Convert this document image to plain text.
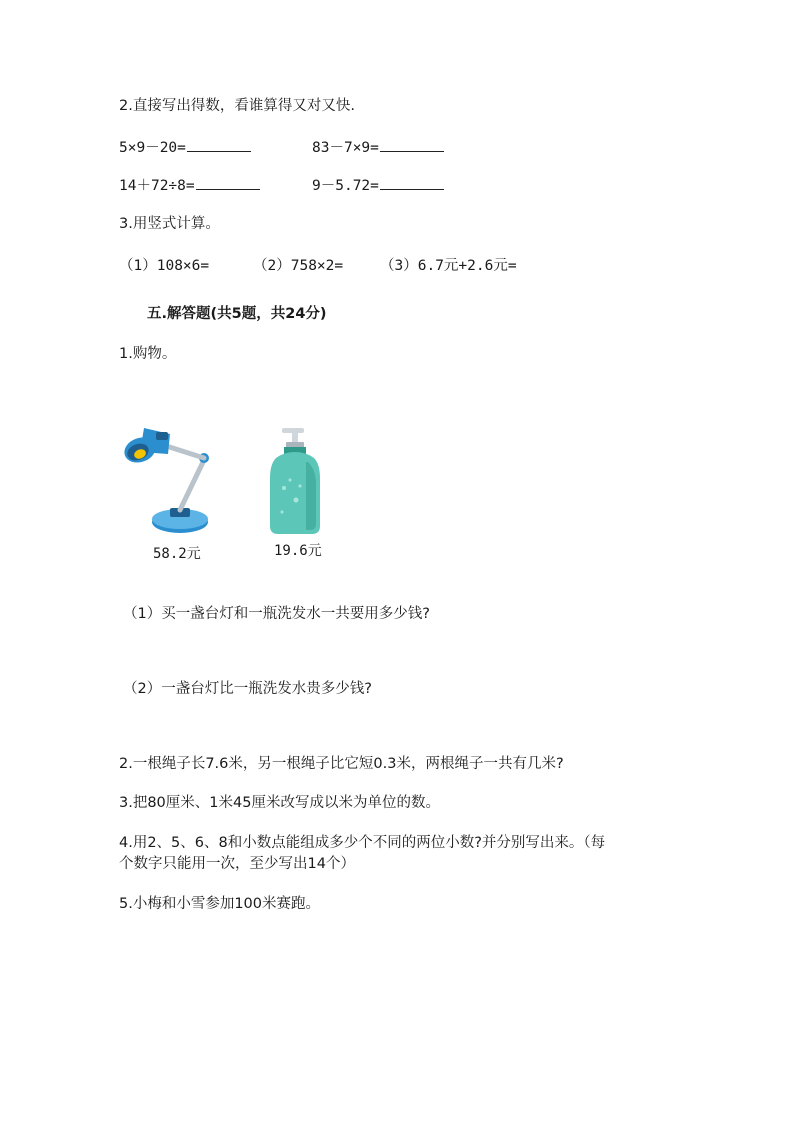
2.直接写出得数，看谁算得又对又快.
5×9－20=	83－7×9=
14＋72÷8=	9－5.72=
3.用竖式计算。
（1）108×6=	（2）758×2=	（3）6.7元+2.6元=
五.解答题(共5题，共24分)
1.购物。
58.2元	19.6元
（1）买一盏台灯和一瓶洗发水一共要用多少钱?
（2）一盏台灯比一瓶洗发水贵多少钱?
2.一根绳子长7.6米，另一根绳子比它短0.3米，两根绳子一共有几米?
3.把80厘米、1米45厘米改写成以米为单位的数。
4.用2、5、6、8和小数点能组成多少个不同的两位小数?并分别写出来。（每
个数字只能用一次，至少写出14个）
5.小梅和小雪参加100米赛跑。
